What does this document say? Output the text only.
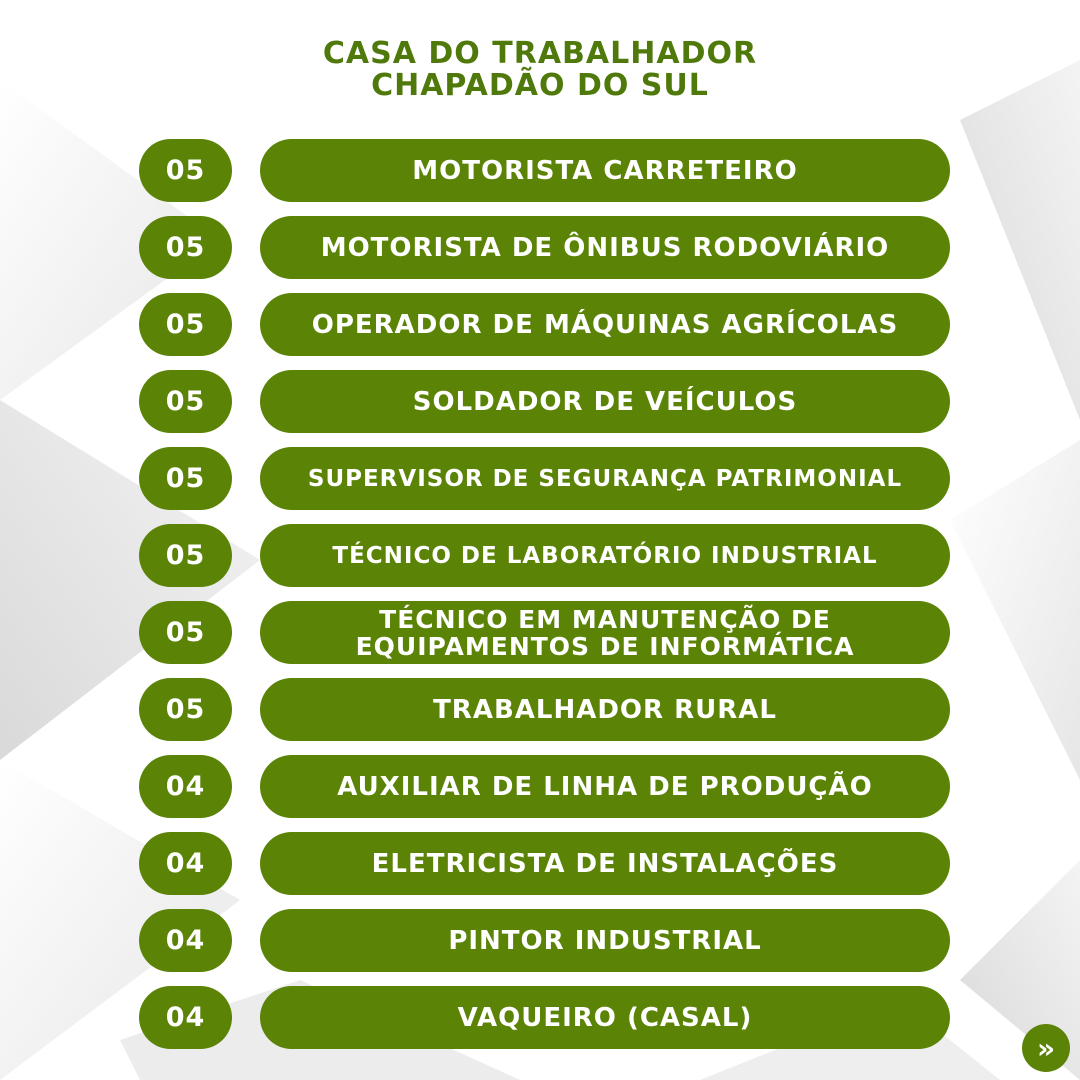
CASA DO TRABALHADOR
CHAPADÃO DO SUL
05	MOTORISTA CARRETEIRO
05	MOTORISTA DE ÔNIBUS RODOVIÁRIO
05	OPERADOR DE MÁQUINAS AGRÍCOLAS
05	SOLDADOR DE VEÍCULOS
05	SUPERVISOR DE SEGURANÇA PATRIMONIAL
05	TÉCNICO DE LABORATÓRIO INDUSTRIAL
05	TÉCNICO EM MANUTENÇÃO DE EQUIPAMENTOS DE INFORMÁTICA
05	TRABALHADOR RURAL
04	AUXILIAR DE LINHA DE PRODUÇÃO
04	ELETRICISTA DE INSTALAÇÕES
04	PINTOR INDUSTRIAL
04	VAQUEIRO (CASAL)
»
